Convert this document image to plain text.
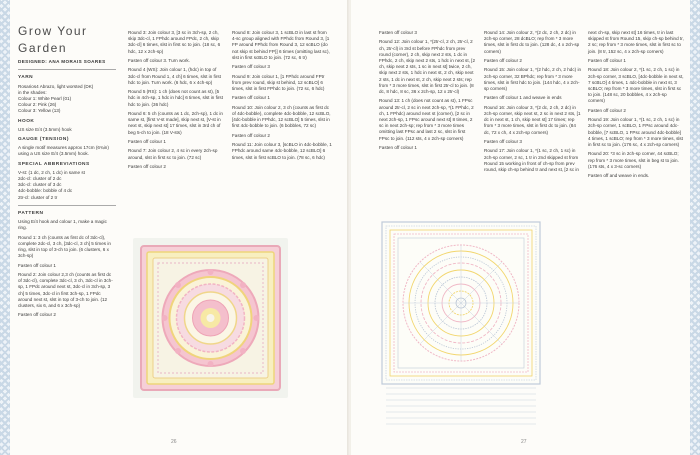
Grow Your

Garden

DESIGNED: ANA MORAIS SOARES
YARN
Rosarios4 Abrazo, light worsted (DK)
in the shades:
Colour 1: White Pearl (01)
Colour 2: Pink (26)
Colour 3: Yellow (13)
HOOK
US size E/4 (3.5mm) hook
GAUGE (TENSION)
A single motif measures approx 17cm (6¾in) using a US size E/4 (3.5mm) hook.
SPECIAL ABBREVIATIONS
V-st: (1 dc, 2 ch, 1 dc) in same st
2dc-cl: cluster of 2 dc
3dc-cl: cluster of 3 dc
4dc-bobble: bobble of 4 dc
2tr-cl: cluster of 2 tr
PATTERN

Using E/4 hook and colour 1, make a magic ring.

Round 1: 3 ch (counts as first dc of 3dc-cl), complete 2dc-cl, 3 ch, [3dc-cl, 3 ch] 5 times in ring, slst in top of 3-ch to join. (6 clusters, 6 x 3ch-sp)

Fasten off colour 1

Round 2: Join colour 2,3 ch (counts as first dc of 3dc-cl), complete 3dc-cl, 3 ch, 3dc-cl in 3ch-sp, 1 FPdc around next st, 3dc-cl in 3ch-sp, 3 ch] 5 times, 3dc-cl in first 3ch-sp, 1 FPdc around next st, slst in top of 3-ch to join. (12 clusters, six 6, and 6 x 3ch-sp)

Fasten off colour 2

Round 3: Join colour 3, [3 sc in 3ch-sp, 2 ch, skip 3dc-cl, 1 FPhdc around FPdc, 2 ch, skip 3dc-cl] 6 times, slst in first sc to join. (18 sc, 6 hdc, 12 x 2ch-sp)

Fasten off colour 3. Turn work.

Round 4 (WS): Join colour 1, (hdc) in top of 3dc-cl from Round 1, 4 ch] 6 times, slst in first hdc to join. Turn work. (6 hdc, 6 x 4ch-sp)

Round 5 (RS): 1 ch (does not count as st), [5 hdc in 4ch-sp, 1 hdc in hdc] 6 times, slst in first hdc to join. (36 hdc)

Round 6: 5 ch (counts as 1 dc, 2ch-sp), 1 dc in same st, [first V-st made], skip next st, [V-st in next st, skip next st] 17 times, slst in 3rd ch of beg 5-ch to join. (18 V-sts)

Fasten off colour 1

Round 7: Join colour 2, 4 sc in every 2ch-sp around, slst in first sc to join. (72 sc)

Fasten off colour 2

Round 8: Join colour 3, 1 scBLO in last st from 4-sc group aligned with FPhdc from Round 3, [1 FP around FPhdc from Round 3, 12 scBLO (do not skip st behind FP)] 6 times (omitting last sc), slst in first scBLO to join. (72 sc, 6 tr)

Fasten off colour 3

Round 9: Join colour 1, [1 FPhdc around FPtr from prev round, skip st behind, 12 scBLO] 6 times, slst in first FPhdc to join. (72 sc, 6 hdc)

Fasten off colour 1

Round 10: Join colour 2, 3 ch (counts as first dc of 4dc-bobble), complete 4dc-bobble, 12 scBLO, [4dc-bobble in FPhdc, 12 scBLO] 5 times, slst in first 4dc-bobble to join. (6 bobbles, 72 sc)

Fasten off colour 2

Round 11: Join colour 3, [scBLO in 4dc-bobble, 1 FPhdc around same 4dc-bobble, 12 scBLO] 6 times, slst in first scBLO to join. (78 sc, 6 hdc)

26

Fasten off colour 3

Round 12: Join colour 1, *(2tr-cl, 2 ch, 2tr-cl, 2 ch, 2tr-cl) in 3rd st before FPhdc from prev round (corner), 2 ch, skip next 2 sts, 1 dc in FPhdc, 2 ch, skip next 2 sts, 1 hdc in next st, [2 ch, skip next 2 sts, 1 sc in next st] twice, 2 ch, skip next 2 sts, 1 hdc in next st, 2 ch, skip next 2 sts, 1 dc in next st, 2 ch, skip next 2 sts; rep from * 3 more times, slst in first 2tr-cl to join. (8 dc, 8 hdc, 8 sc, 36 x 2ch-sp, 12 x 2tr-cl)

Round 13: 1 ch (does not count as st), 1 FPsc around 2tr-cl, 2 sc in next 2ch-sp, *(1 FPhdc, 2 ch, 1 FPhdc) around next st (corner), [2 sc in next 2ch-sp, 1 FPsc around next st] 8 times, 2 sc in next 2ch-sp; rep from * 3 more times omitting last FPsc and last 2 sc, slst in first FPsc to join. (112 sts, 4 x 2ch-sp corners)

Fasten off colour 1

Round 14: Join colour 2, *(2 dc, 2 ch, 2 dc) in 2ch-sp corner, 28 dcBLO; rep from * 3 more times, slst in first dc to join. (128 dc, 4 x 2ch-sp corners)

Fasten off colour 2

Round 15: Join colour 1, *(2 hdc, 2 ch, 2 hdc) in 2ch-sp corner, 32 BPhdc; rep from * 3 more times, slst in first hdc to join. (144 hdc, 4 x 2ch-sp corners)

Fasten off colour 1 and weave in ends

Round 16: Join colour 3, *(2 dc, 2 ch, 2 dc) in 2ch-sp corner, skip next st, 2 sc in next 2 sts, [1 dc in next st, 1 ch, skip next st] 17 times; rep from * 3 more times, slst in first dc to join. (84 dc, 72 x ch, 4 x 2ch-sp corners)

Fasten off colour 3

Round 17: Join colour 1, *(1 sc, 2 ch, 1 sc) in 2ch-sp corner, 2 sc, 1 tr in 2nd skipped st from Round 15 working in front of ch-sp from prev round, skip ch-sp behind tr and next st, [2 sc in

next ch-sp, skip next st] 16 times, tr in last skipped st from Round 15, skip ch-sp behind tr, 2 sc; rep from * 3 more times, slst in first sc to join. (8 tr, 152 sc, 4 x 2ch-sp corners)

Fasten off colour 1

Round 18: Join colour 2, *(1 sc, 2 ch, 1 sc) in 2ch-sp corner, 3 scBLO, [4dc-bobble in next st, 7 scBLO] 4 times, 1 4dc-bobble in next st, 3 scBLO; rep from * 3 more times, slst in first sc to join. (148 sc, 20 bobbles, 4 x 2ch-sp corners)

Fasten off colour 2

Round 19: Join colour 1, *(1 sc, 2 ch, 1 sc) in 2ch-sp corner, 1 scBLO, 1 FPsc around 4dc-bobble, [7 scBLO, 1 FPsc around 4dc-bobble] 4 times, 1 scBLO; rep from * 3 more times, slst in first sc to join. (176 sc, 4 x 2ch-sp corners)

Round 20: *3 sc in 2ch-sp corner, 44 scBLO; rep from * 3 more times, slst in beg st to join. (176 sts, 4 x 3-sc corners)

Fasten off and weave in ends.

27
